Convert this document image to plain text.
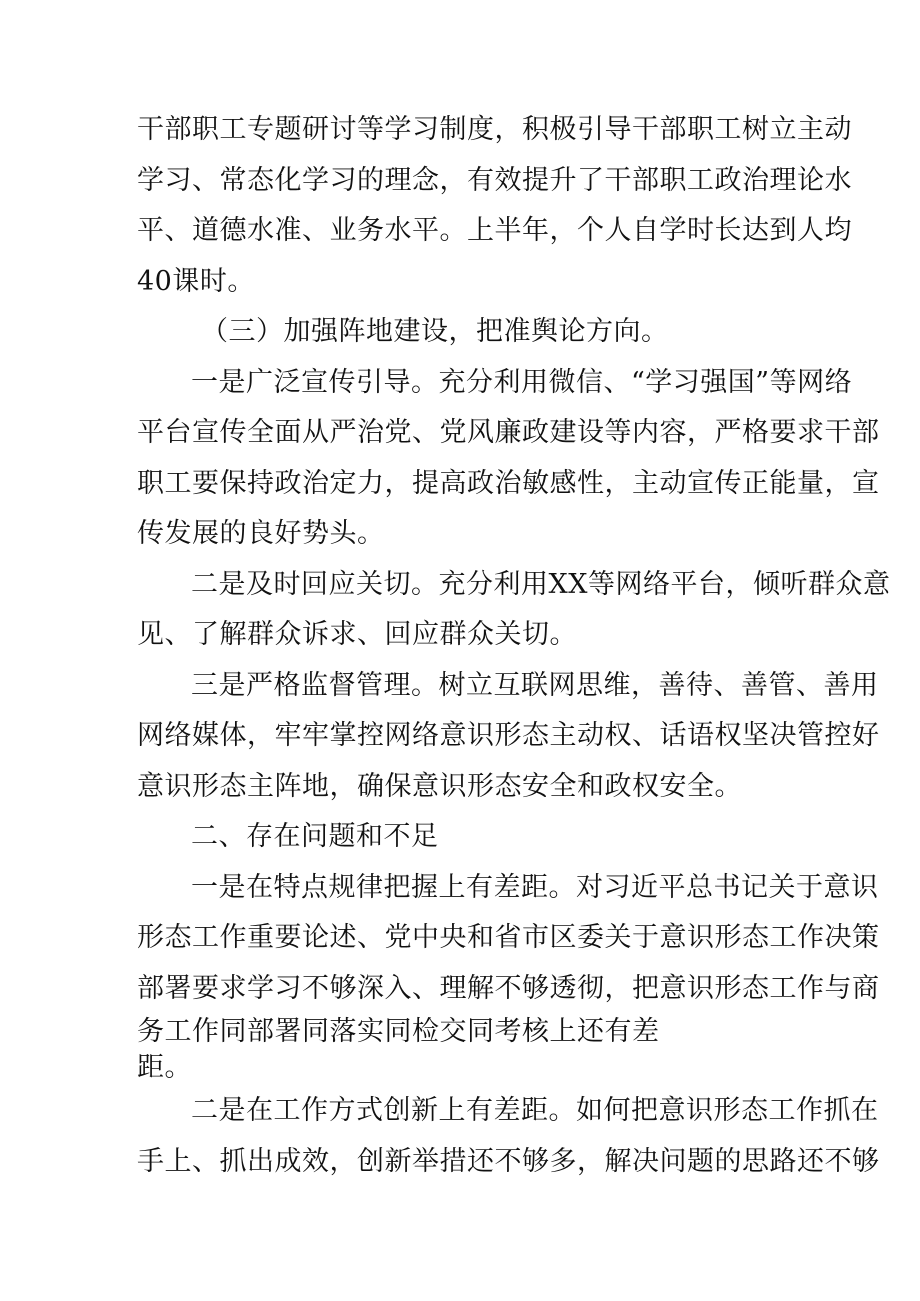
干部职工专题研讨等学习制度，积极引导干部职工树立主动
学习、常态化学习的理念，有效提升了干部职工政治理论水
平、道德水准、业务水平。上半年，个人自学时长达到人均
40课时。
（三）加强阵地建设，把准舆论方向。
一是广泛宣传引导。充分利用微信、“学习强国”等网络
平台宣传全面从严治党、党风廉政建设等内容，严格要求干部
职工要保持政治定力，提高政治敏感性，主动宣传正能量，宣
传发展的良好势头。
二是及时回应关切。充分利用XX等网络平台，倾听群众意
见、了解群众诉求、回应群众关切。
三是严格监督管理。树立互联网思维，善待、善管、善用
网络媒体，牢牢掌控网络意识形态主动权、话语权坚决管控好
意识形态主阵地，确保意识形态安全和政权安全。
二、存在问题和不足
一是在特点规律把握上有差距。对习近平总书记关于意识
形态工作重要论述、党中央和省市区委关于意识形态工作决策
部署要求学习不够深入、理解不够透彻，把意识形态工作与商
务工作同部署同落实同检交同考核上还有差
距。
二是在工作方式创新上有差距。如何把意识形态工作抓在
手上、抓出成效，创新举措还不够多，解决问题的思路还不够
